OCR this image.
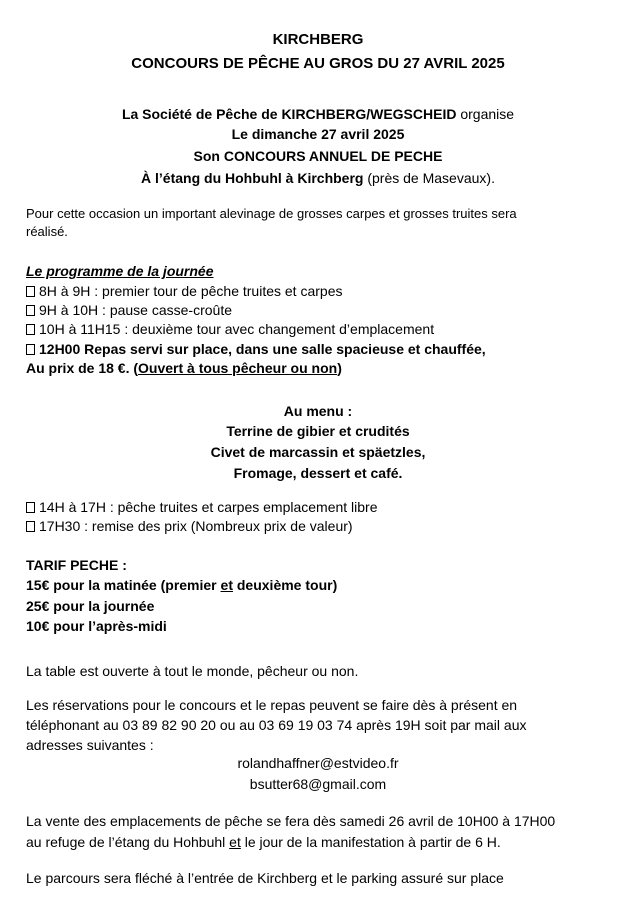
KIRCHBERG
CONCOURS DE PÊCHE AU GROS DU 27 AVRIL 2025
La Société de Pêche de KIRCHBERG/WEGSCHEID organise
Le dimanche 27 avril 2025
Son CONCOURS ANNUEL DE PECHE
À l’étang du Hohbuhl à Kirchberg (près de Masevaux).
Pour cette occasion un important alevinage de grosses carpes et grosses truites sera
réalisé.
Le programme de la journée
8H à 9H : premier tour de pêche truites et carpes
9H à 10H : pause casse-croûte
10H à 11H15 : deuxième tour avec changement d’emplacement
12H00 Repas servi sur place, dans une salle spacieuse et chauffée,
Au prix de 18 €. (Ouvert à tous pêcheur ou non)
Au menu :
Terrine de gibier et crudités
Civet de marcassin et späetzles,
Fromage, dessert et café.
14H à 17H : pêche truites et carpes emplacement libre
17H30 : remise des prix (Nombreux prix de valeur)
TARIF PECHE :
15€ pour la matinée (premier et deuxième tour)
25€ pour la journée
10€ pour l’après-midi
La table est ouverte à tout le monde, pêcheur ou non.
Les réservations pour le concours et le repas peuvent se faire dès à présent en
téléphonant au 03 89 82 90 20 ou au 03 69 19 03 74 après 19H soit par mail aux
adresses suivantes :
rolandhaffner@estvideo.fr
bsutter68@gmail.com
La vente des emplacements de pêche se fera dès samedi 26 avril de 10H00 à 17H00
au refuge de l’étang du Hohbuhl et le jour de la manifestation à partir de 6 H.
Le parcours sera fléché à l’entrée de Kirchberg et le parking assuré sur place
